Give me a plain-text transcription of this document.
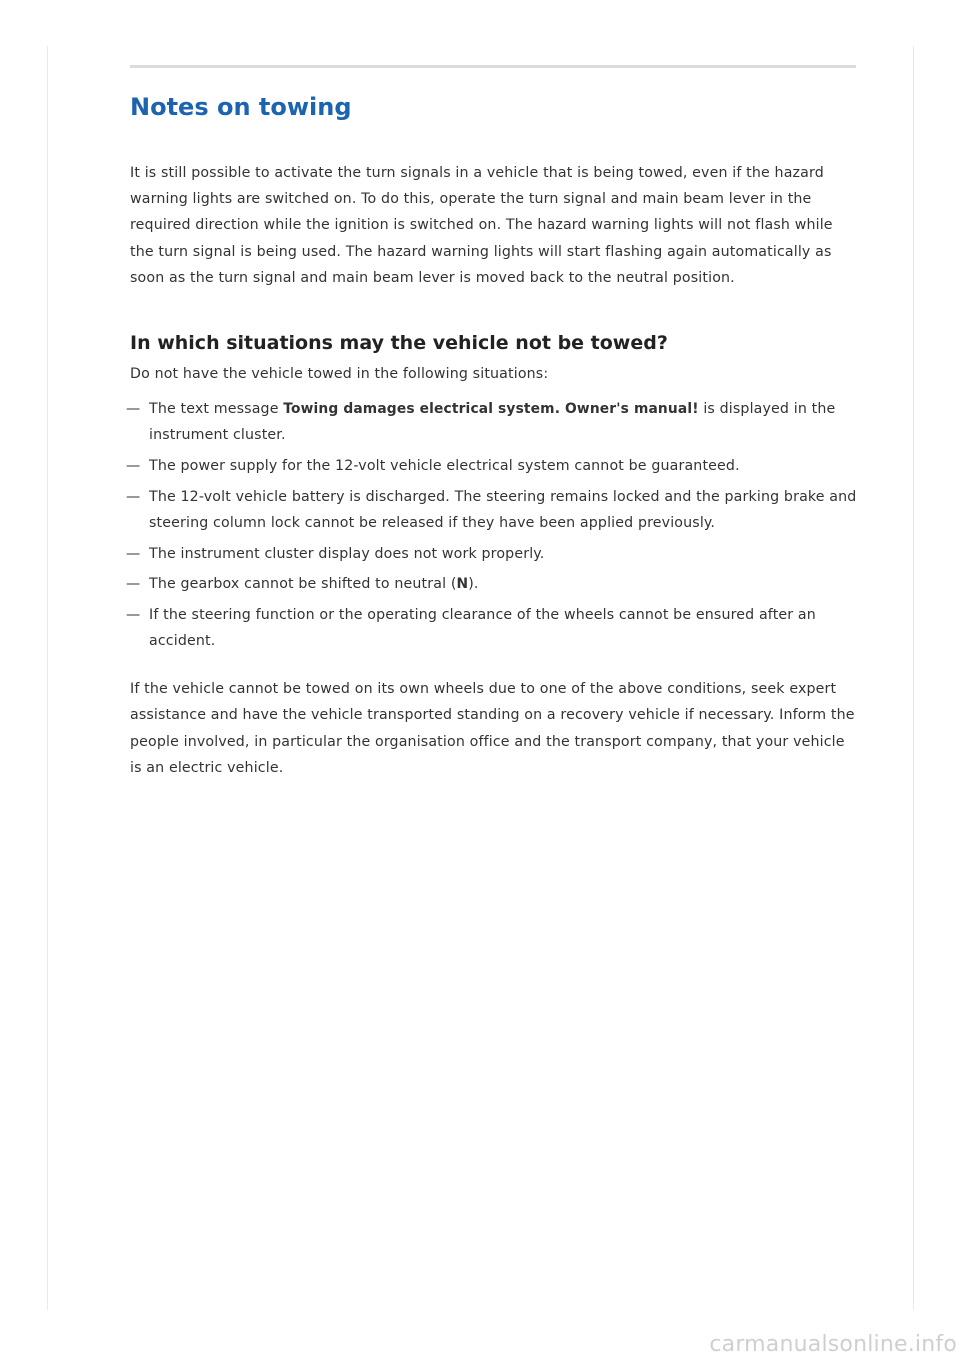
Notes on towing

It is still possible to activate the turn signals in a vehicle that is being towed, even if the hazard warning lights are switched on. To do this, operate the turn signal and main beam lever in the required direction while the ignition is switched on. The hazard warning lights will not flash while the turn signal is being used. The hazard warning lights will start flashing again automatically as soon as the turn signal and main beam lever is moved back to the neutral position.

In which situations may the vehicle not be towed?

Do not have the vehicle towed in the following situations:

— The text message Towing damages electrical system. Owner's manual! is displayed in the instrument cluster.
— The power supply for the 12-volt vehicle electrical system cannot be guaranteed.
— The 12-volt vehicle battery is discharged. The steering remains locked and the parking brake and steering column lock cannot be released if they have been applied previously.
— The instrument cluster display does not work properly.
— The gearbox cannot be shifted to neutral (N).
— If the steering function or the operating clearance of the wheels cannot be ensured after an accident.

If the vehicle cannot be towed on its own wheels due to one of the above conditions, seek expert assistance and have the vehicle transported standing on a recovery vehicle if necessary. Inform the people involved, in particular the organisation office and the transport company, that your vehicle is an electric vehicle.

carmanualsonline.info
